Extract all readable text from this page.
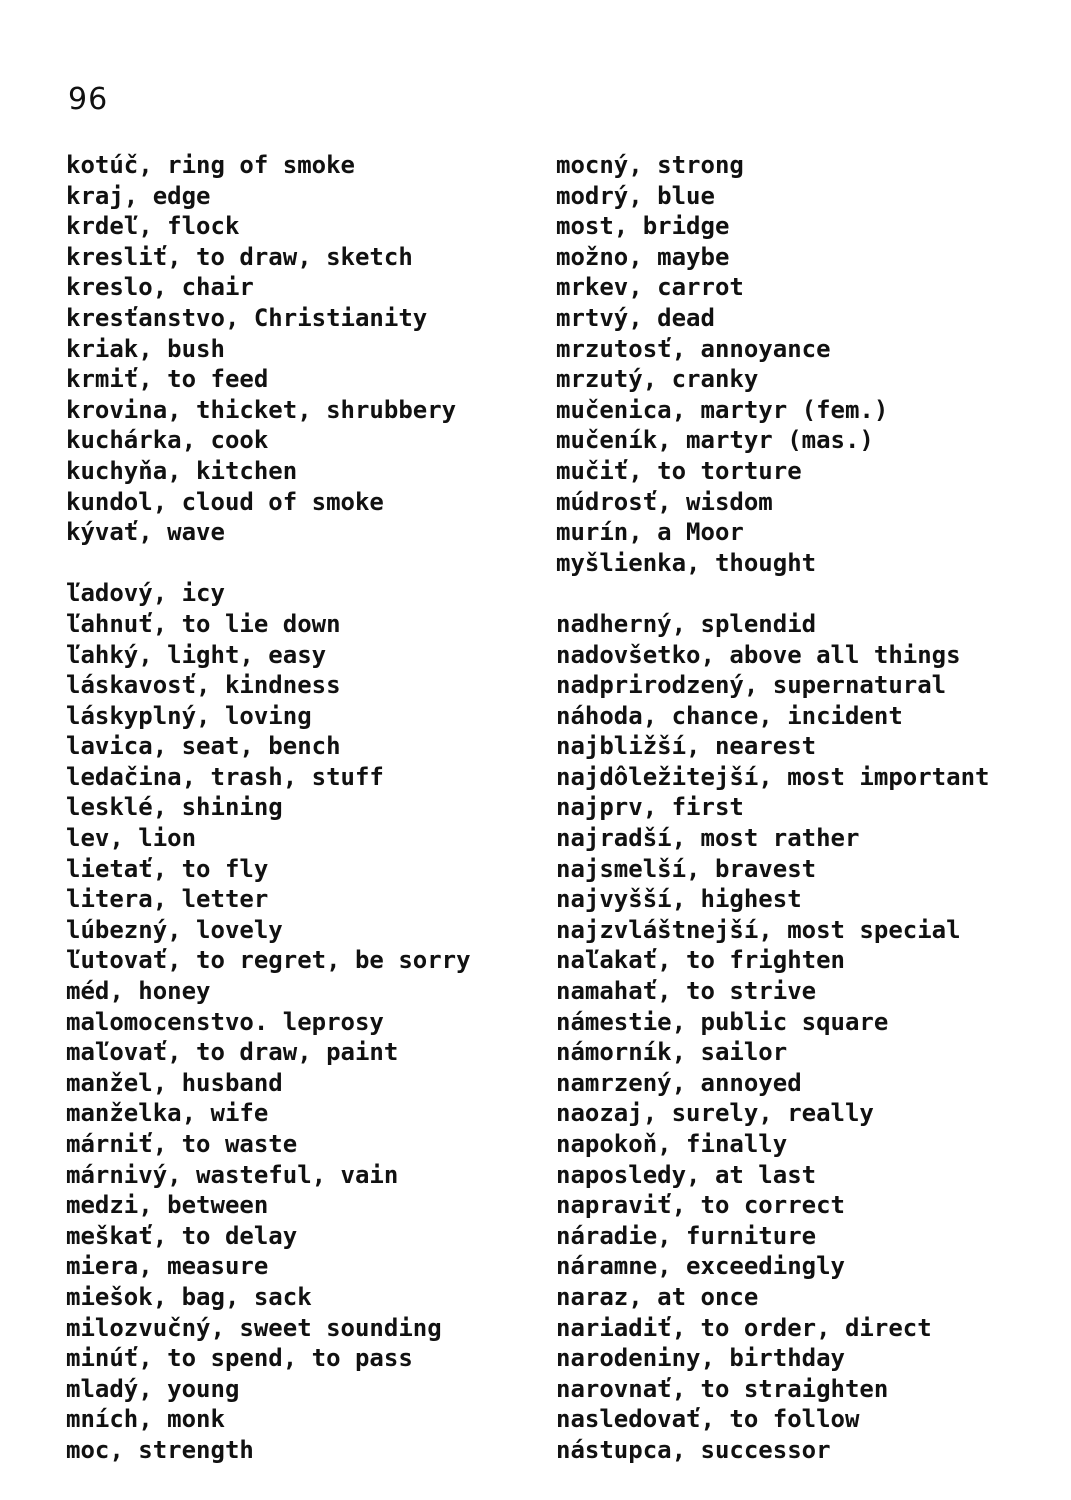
96
kotúč, ring of smoke
kraj, edge
krdeľ, flock
kresliť, to draw, sketch
kreslo, chair
kresťanstvo, Christianity
kriak, bush
krmiť, to feed
krovina, thicket, shrubbery
kuchárka, cook
kuchyňa, kitchen
kundol, cloud of smoke
kývať, wave
ľadový, icy
ľahnuť, to lie down
ľahký, light, easy
láskavosť, kindness
láskyplný, loving
lavica, seat, bench
ledačina, trash, stuff
lesklé, shining
lev, lion
lietať, to fly
litera, letter
lúbezný, lovely
ľutovať, to regret, be sorry
méd, honey
malomocenstvo. leprosy
maľovať, to draw, paint
manžel, husband
manželka, wife
márniť, to waste
márnivý, wasteful, vain
medzi, between
meškať, to delay
miera, measure
miešok, bag, sack
milozvučný, sweet sounding
minúť, to spend, to pass
mladý, young
mních, monk
moc, strength
mocný, strong
modrý, blue
most, bridge
možno, maybe
mrkev, carrot
mrtvý, dead
mrzutosť, annoyance
mrzutý, cranky
mučenica, martyr (fem.)
mučeník, martyr (mas.)
mučiť, to torture
múdrosť, wisdom
murín, a Moor
myšlienka, thought
nadherný, splendid
nadovšetko, above all things
nadprirodzený, supernatural
náhoda, chance, incident
najbližší, nearest
najdôležitejší, most important
najprv, first
najradší, most rather
najsmelší, bravest
najvyšší, highest
najzvláštnejší, most special
naľakať, to frighten
namahať, to strive
námestie, public square
námorník, sailor
namrzený, annoyed
naozaj, surely, really
napokoň, finally
naposledy, at last
napraviť, to correct
náradie, furniture
náramne, exceedingly
naraz, at once
nariadiť, to order, direct
narodeniny, birthday
narovnať, to straighten
nasledovať, to follow
nástupca, successor
